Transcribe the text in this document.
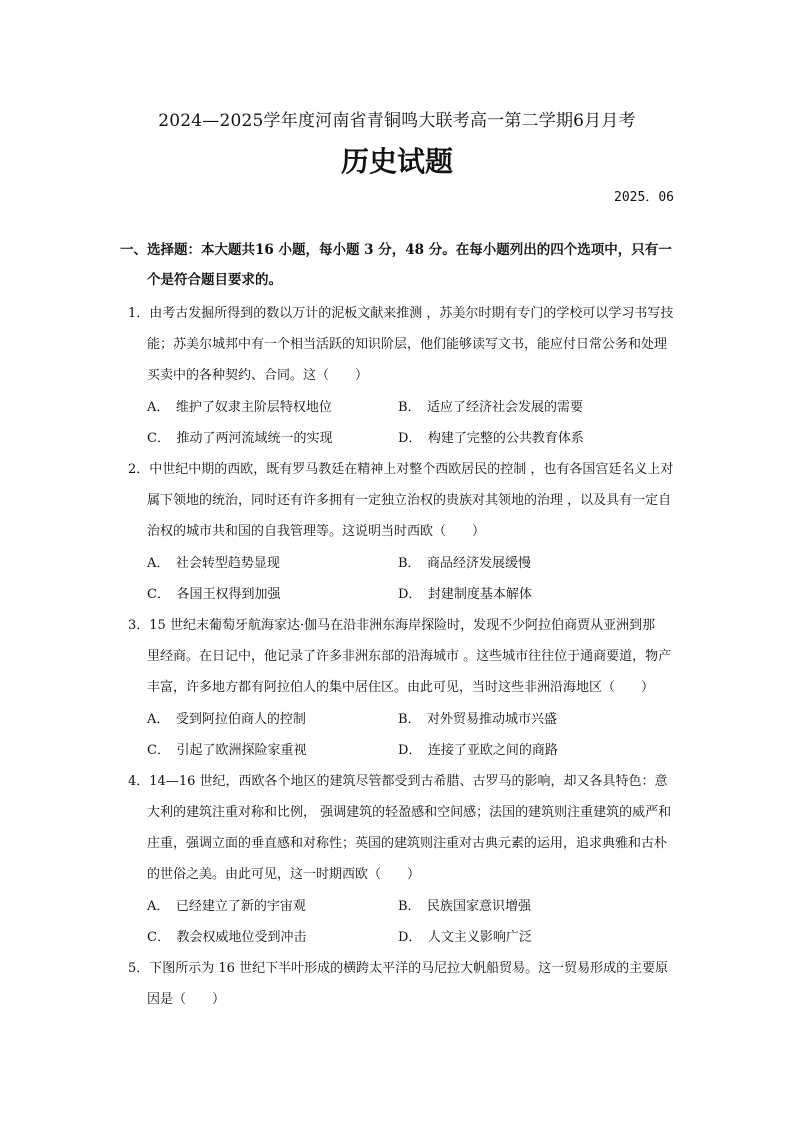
2024—2025学年度河南省青铜鸣大联考高一第二学期6月月考
历史试题
2025．06
一、选择题：本大题共16 小题，每小题 3 分，48 分。在每小题列出的四个选项中，只有一
个是符合题目要求的。
1．由考古发掘所得到的数以万计的泥板文献来推测 ，苏美尔时期有专门的学校可以学习书写技
能；苏美尔城邦中有一个相当活跃的知识阶层，他们能够读写文书，能应付日常公务和处理
买卖中的各种契约、合同。这（　　）
A．　维护了奴隶主阶层特权地位	B．　适应了经济社会发展的需要
C．　推动了两河流域统一的实现	D．　构建了完整的公共教育体系
2．中世纪中期的西欧，既有罗马教廷在精神上对整个西欧居民的控制 ，也有各国宫廷名义上对
属下领地的统治，同时还有许多拥有一定独立治权的贵族对其领地的治理 ，以及具有一定自
治权的城市共和国的自我管理等。这说明当时西欧（　　）
A．　社会转型趋势显现	B．　商品经济发展缓慢
C．　各国王权得到加强	D．　封建制度基本解体
3．15 世纪末葡萄牙航海家达·伽马在沿非洲东海岸探险时，发现不少阿拉伯商贾从亚洲到那
里经商。在日记中，他记录了许多非洲东部的沿海城市 。这些城市往往位于通商要道，物产
丰富，许多地方都有阿拉伯人的集中居住区。由此可见，当时这些非洲沿海地区（　　）
A．　受到阿拉伯商人的控制	B．　对外贸易推动城市兴盛
C．　引起了欧洲探险家重视	D．　连接了亚欧之间的商路
4．14—16 世纪，西欧各个地区的建筑尽管都受到古希腊、古罗马的影响，却又各具特色：意
大利的建筑注重对称和比例， 强调建筑的轻盈感和空间感；法国的建筑则注重建筑的威严和
庄重，强调立面的垂直感和对称性；英国的建筑则注重对古典元素的运用，追求典雅和古朴
的世俗之美。由此可见，这一时期西欧（　　）
A．　已经建立了新的宇宙观	B．　民族国家意识增强
C．　教会权威地位受到冲击	D．　人文主义影响广泛
5．下图所示为 16 世纪下半叶形成的横跨太平洋的马尼拉大帆船贸易。这一贸易形成的主要原
因是（　　）
